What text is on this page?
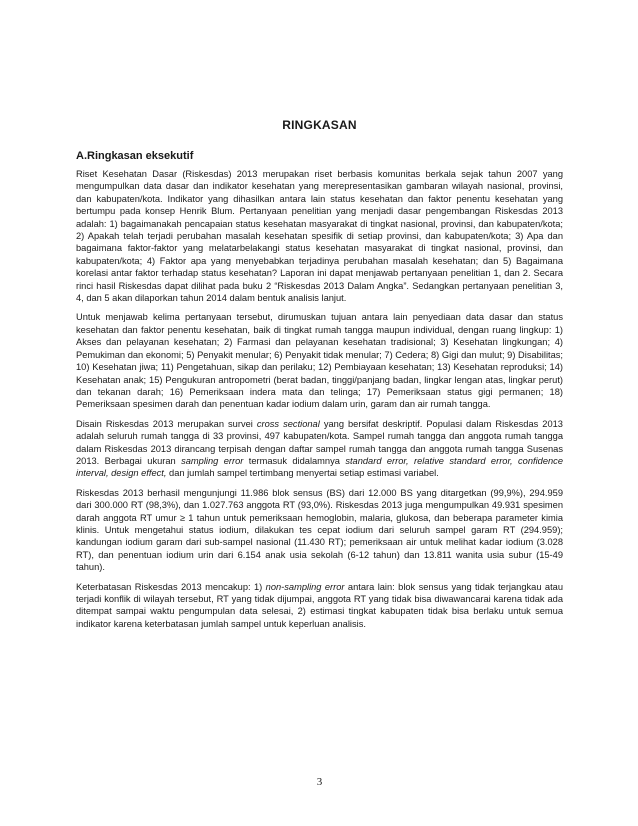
RINGKASAN
A.Ringkasan eksekutif

Riset Kesehatan Dasar (Riskesdas) 2013 merupakan riset berbasis komunitas berkala sejak tahun 2007 yang mengumpulkan data dasar dan indikator kesehatan yang merepresentasikan gambaran wilayah nasional, provinsi, dan kabupaten/kota. Indikator yang dihasilkan antara lain status kesehatan dan faktor penentu kesehatan yang bertumpu pada konsep Henrik Blum. Pertanyaan penelitian yang menjadi dasar pengembangan Riskesdas 2013 adalah: 1) bagaimanakah pencapaian status kesehatan masyarakat di tingkat nasional, provinsi, dan kabupaten/kota; 2) Apakah telah terjadi perubahan masalah kesehatan spesifik di setiap provinsi, dan kabupaten/kota; 3) Apa dan bagaimana faktor-faktor yang melatarbelakangi status kesehatan masyarakat di tingkat nasional, provinsi, dan kabupaten/kota; 4) Faktor apa yang menyebabkan terjadinya perubahan masalah kesehatan; dan 5) Bagaimana korelasi antar faktor terhadap status kesehatan? Laporan ini dapat menjawab pertanyaan penelitian 1, dan 2. Secara rinci hasil Riskesdas dapat dilihat pada buku 2 “Riskesdas 2013 Dalam Angka”. Sedangkan pertanyaan penelitian 3, 4, dan 5 akan dilaporkan tahun 2014 dalam bentuk analisis lanjut.

Untuk menjawab kelima pertanyaan tersebut, dirumuskan tujuan antara lain penyediaan data dasar dan status kesehatan dan faktor penentu kesehatan, baik di tingkat rumah tangga maupun individual, dengan ruang lingkup: 1) Akses dan pelayanan kesehatan; 2) Farmasi dan pelayanan kesehatan tradisional; 3) Kesehatan lingkungan; 4) Pemukiman dan ekonomi; 5) Penyakit menular; 6) Penyakit tidak menular; 7) Cedera; 8) Gigi dan mulut; 9) Disabilitas; 10) Kesehatan jiwa; 11) Pengetahuan, sikap dan perilaku; 12) Pembiayaan kesehatan; 13) Kesehatan reproduksi; 14) Kesehatan anak; 15) Pengukuran antropometri (berat badan, tinggi/panjang badan, lingkar lengan atas, lingkar perut) dan tekanan darah; 16) Pemeriksaan indera mata dan telinga; 17) Pemeriksaan status gigi permanen; 18) Pemeriksaan spesimen darah dan penentuan kadar iodium dalam urin, garam dan air rumah tangga.

Disain Riskesdas 2013 merupakan survei cross sectional yang bersifat deskriptif. Populasi dalam Riskesdas 2013 adalah seluruh rumah tangga di 33 provinsi, 497 kabupaten/kota. Sampel rumah tangga dan anggota rumah tangga dalam Riskesdas 2013 dirancang terpisah dengan daftar sampel rumah tangga dan anggota rumah tangga Susenas 2013. Berbagai ukuran sampling error termasuk didalamnya standard error, relative standard error, confidence interval, design effect, dan jumlah sampel tertimbang menyertai setiap estimasi variabel.

Riskesdas 2013 berhasil mengunjungi 11.986 blok sensus (BS) dari 12.000 BS yang ditargetkan (99,9%), 294.959 dari 300.000 RT (98,3%), dan 1.027.763 anggota RT (93,0%). Riskesdas 2013 juga mengumpulkan 49.931 spesimen darah anggota RT umur ≥ 1 tahun untuk pemeriksaan hemoglobin, malaria, glukosa, dan beberapa parameter kimia klinis. Untuk mengetahui status iodium, dilakukan tes cepat iodium dari seluruh sampel garam RT (294.959); kandungan iodium garam dari sub-sampel nasional (11.430 RT); pemeriksaan air untuk melihat kadar iodium (3.028 RT), dan penentuan iodium urin dari 6.154 anak usia sekolah (6-12 tahun) dan 13.811 wanita usia subur (15-49 tahun).

Keterbatasan Riskesdas 2013 mencakup: 1) non-sampling error antara lain: blok sensus yang tidak terjangkau atau terjadi konflik di wilayah tersebut, RT yang tidak dijumpai, anggota RT yang tidak bisa diwawancarai karena tidak ada ditempat sampai waktu pengumpulan data selesai, 2) estimasi tingkat kabupaten tidak bisa berlaku untuk semua indikator karena keterbatasan jumlah sampel untuk keperluan analisis.

3
